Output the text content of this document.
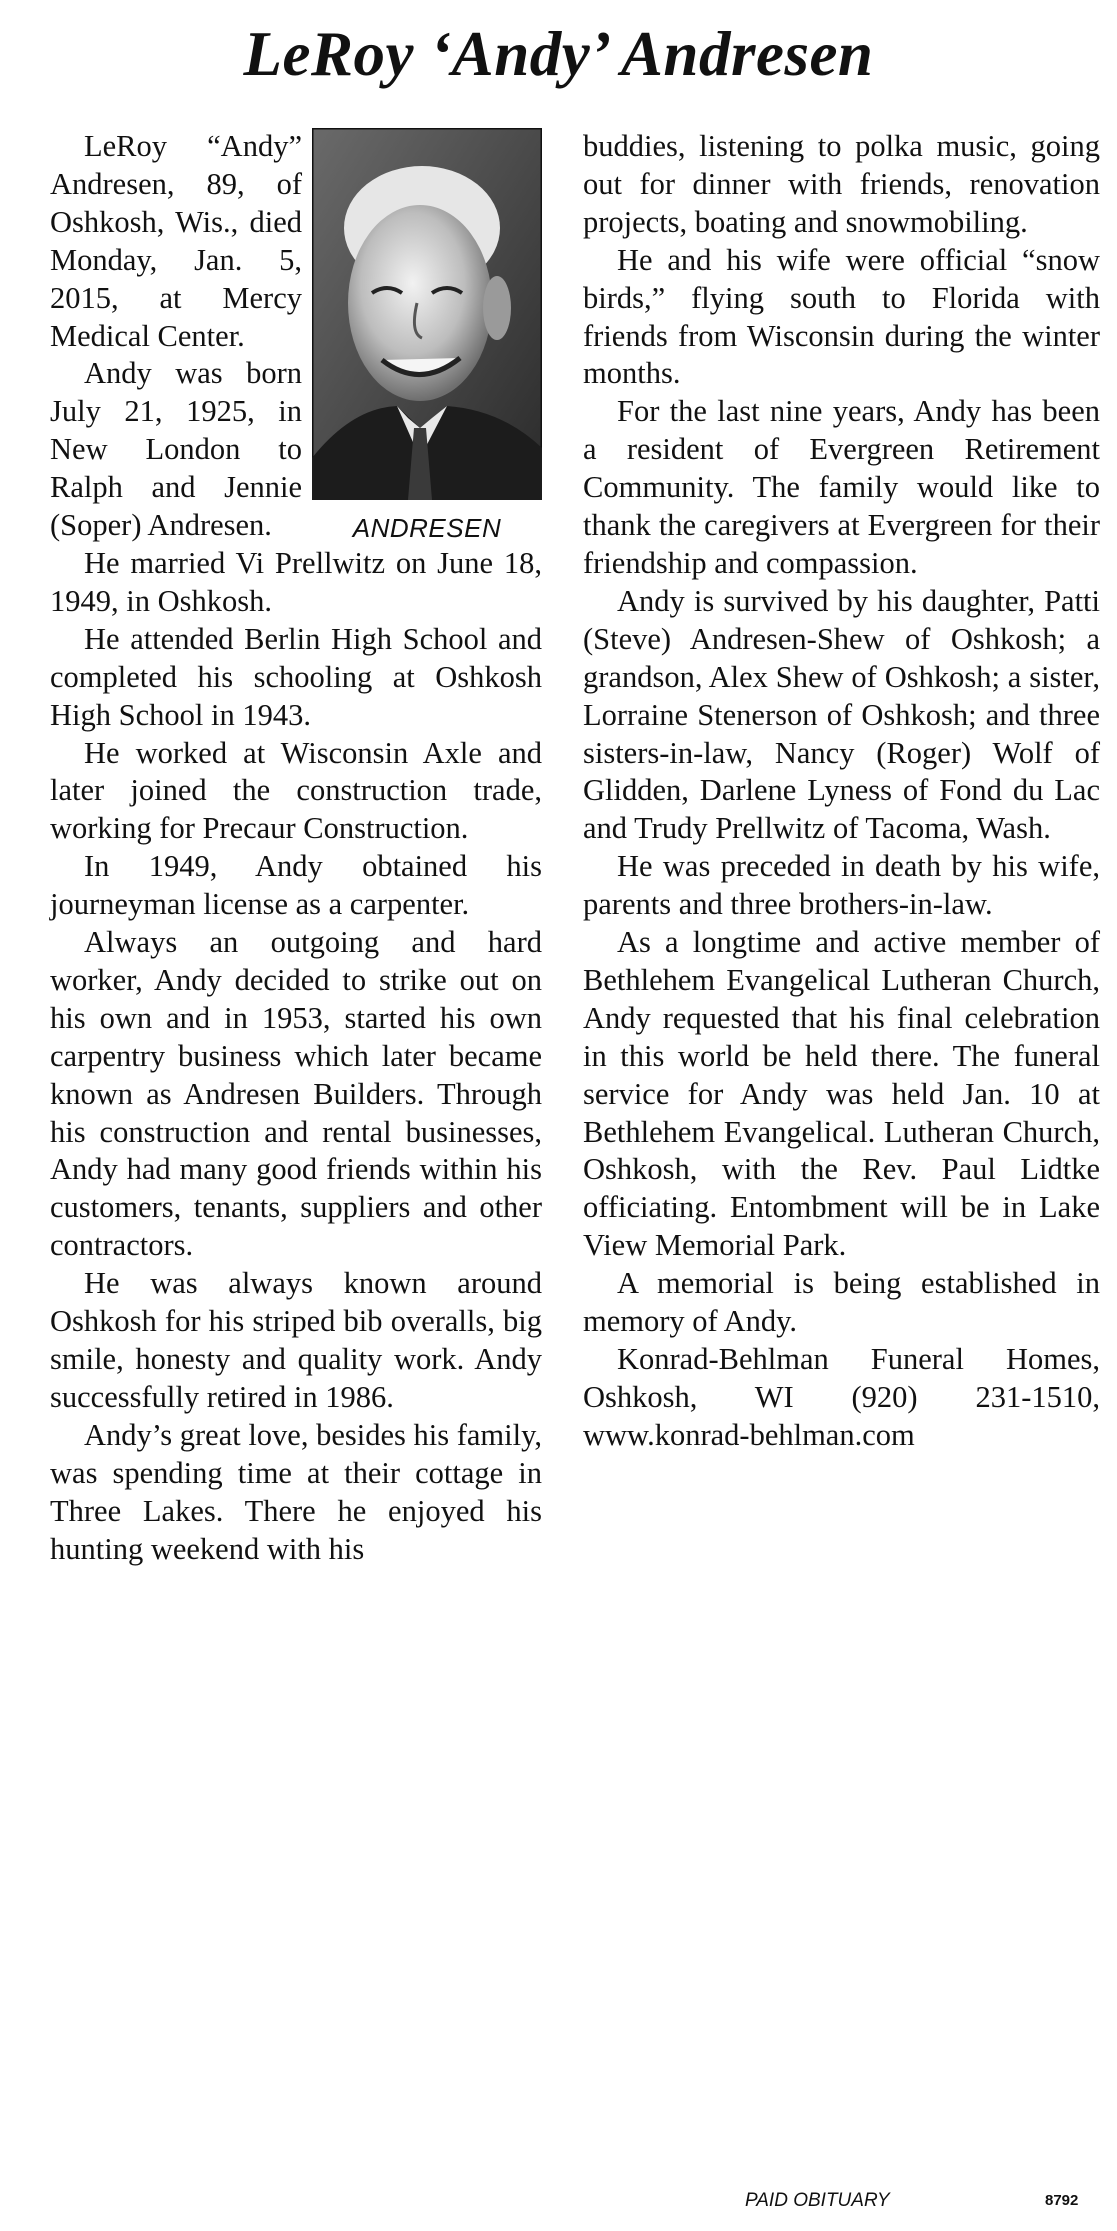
LeRoy ‘Andy’ Andresen
ANDRESEN

LeRoy “Andy” Andresen, 89, of Oshkosh, Wis., died Monday, Jan. 5, 2015, at Mercy Medical Center.

Andy was born July 21, 1925, in New London to Ralph and Jennie (Soper) Andresen.

He married Vi Prellwitz on June 18, 1949, in Oshkosh.

He attended Berlin High School and completed his schooling at Oshkosh High School in 1943.

He worked at Wisconsin Axle and later joined the construction trade, working for Precaur Construction.

In 1949, Andy obtained his journeyman license as a carpenter.

Always an outgoing and hard worker, Andy decided to strike out on his own and in 1953, started his own carpentry business which later became known as Andresen Builders. Through his construction and rental businesses, Andy had many good friends within his customers, tenants, suppliers and other contractors.

He was always known around Oshkosh for his striped bib overalls, big smile, honesty and quality work. Andy successfully retired in 1986.

Andy’s great love, besides his family, was spending time at their cottage in Three Lakes. There he enjoyed his hunting weekend with his

buddies, listening to polka music, going out for dinner with friends, renovation projects, boating and snowmobiling.

He and his wife were official “snow birds,” flying south to Florida with friends from Wisconsin during the winter months.

For the last nine years, Andy has been a resident of Evergreen Retirement Community. The family would like to thank the caregivers at Evergreen for their friendship and compassion.

Andy is survived by his daughter, Patti (Steve) Andresen-Shew of Oshkosh; a grandson, Alex Shew of Oshkosh; a sister, Lorraine Stenerson of Oshkosh; and three sisters-in-law, Nancy (Roger) Wolf of Glidden, Darlene Lyness of Fond du Lac and Trudy Prellwitz of Tacoma, Wash.

He was preceded in death by his wife, parents and three brothers-in-law.

As a longtime and active member of Bethlehem Evangelical Lutheran Church, Andy requested that his final celebration in this world be held there. The funeral service for Andy was held Jan. 10 at Bethlehem Evangelical. Lutheran Church, Oshkosh, with the Rev. Paul Lidtke officiating. Entombment will be in Lake View Memorial Park.

A memorial is being established in memory of Andy.

Konrad-Behlman Funeral Homes, Oshkosh, WI (920) 231-1510, www.konrad-behlman.com

PAID OBITUARY	8792
